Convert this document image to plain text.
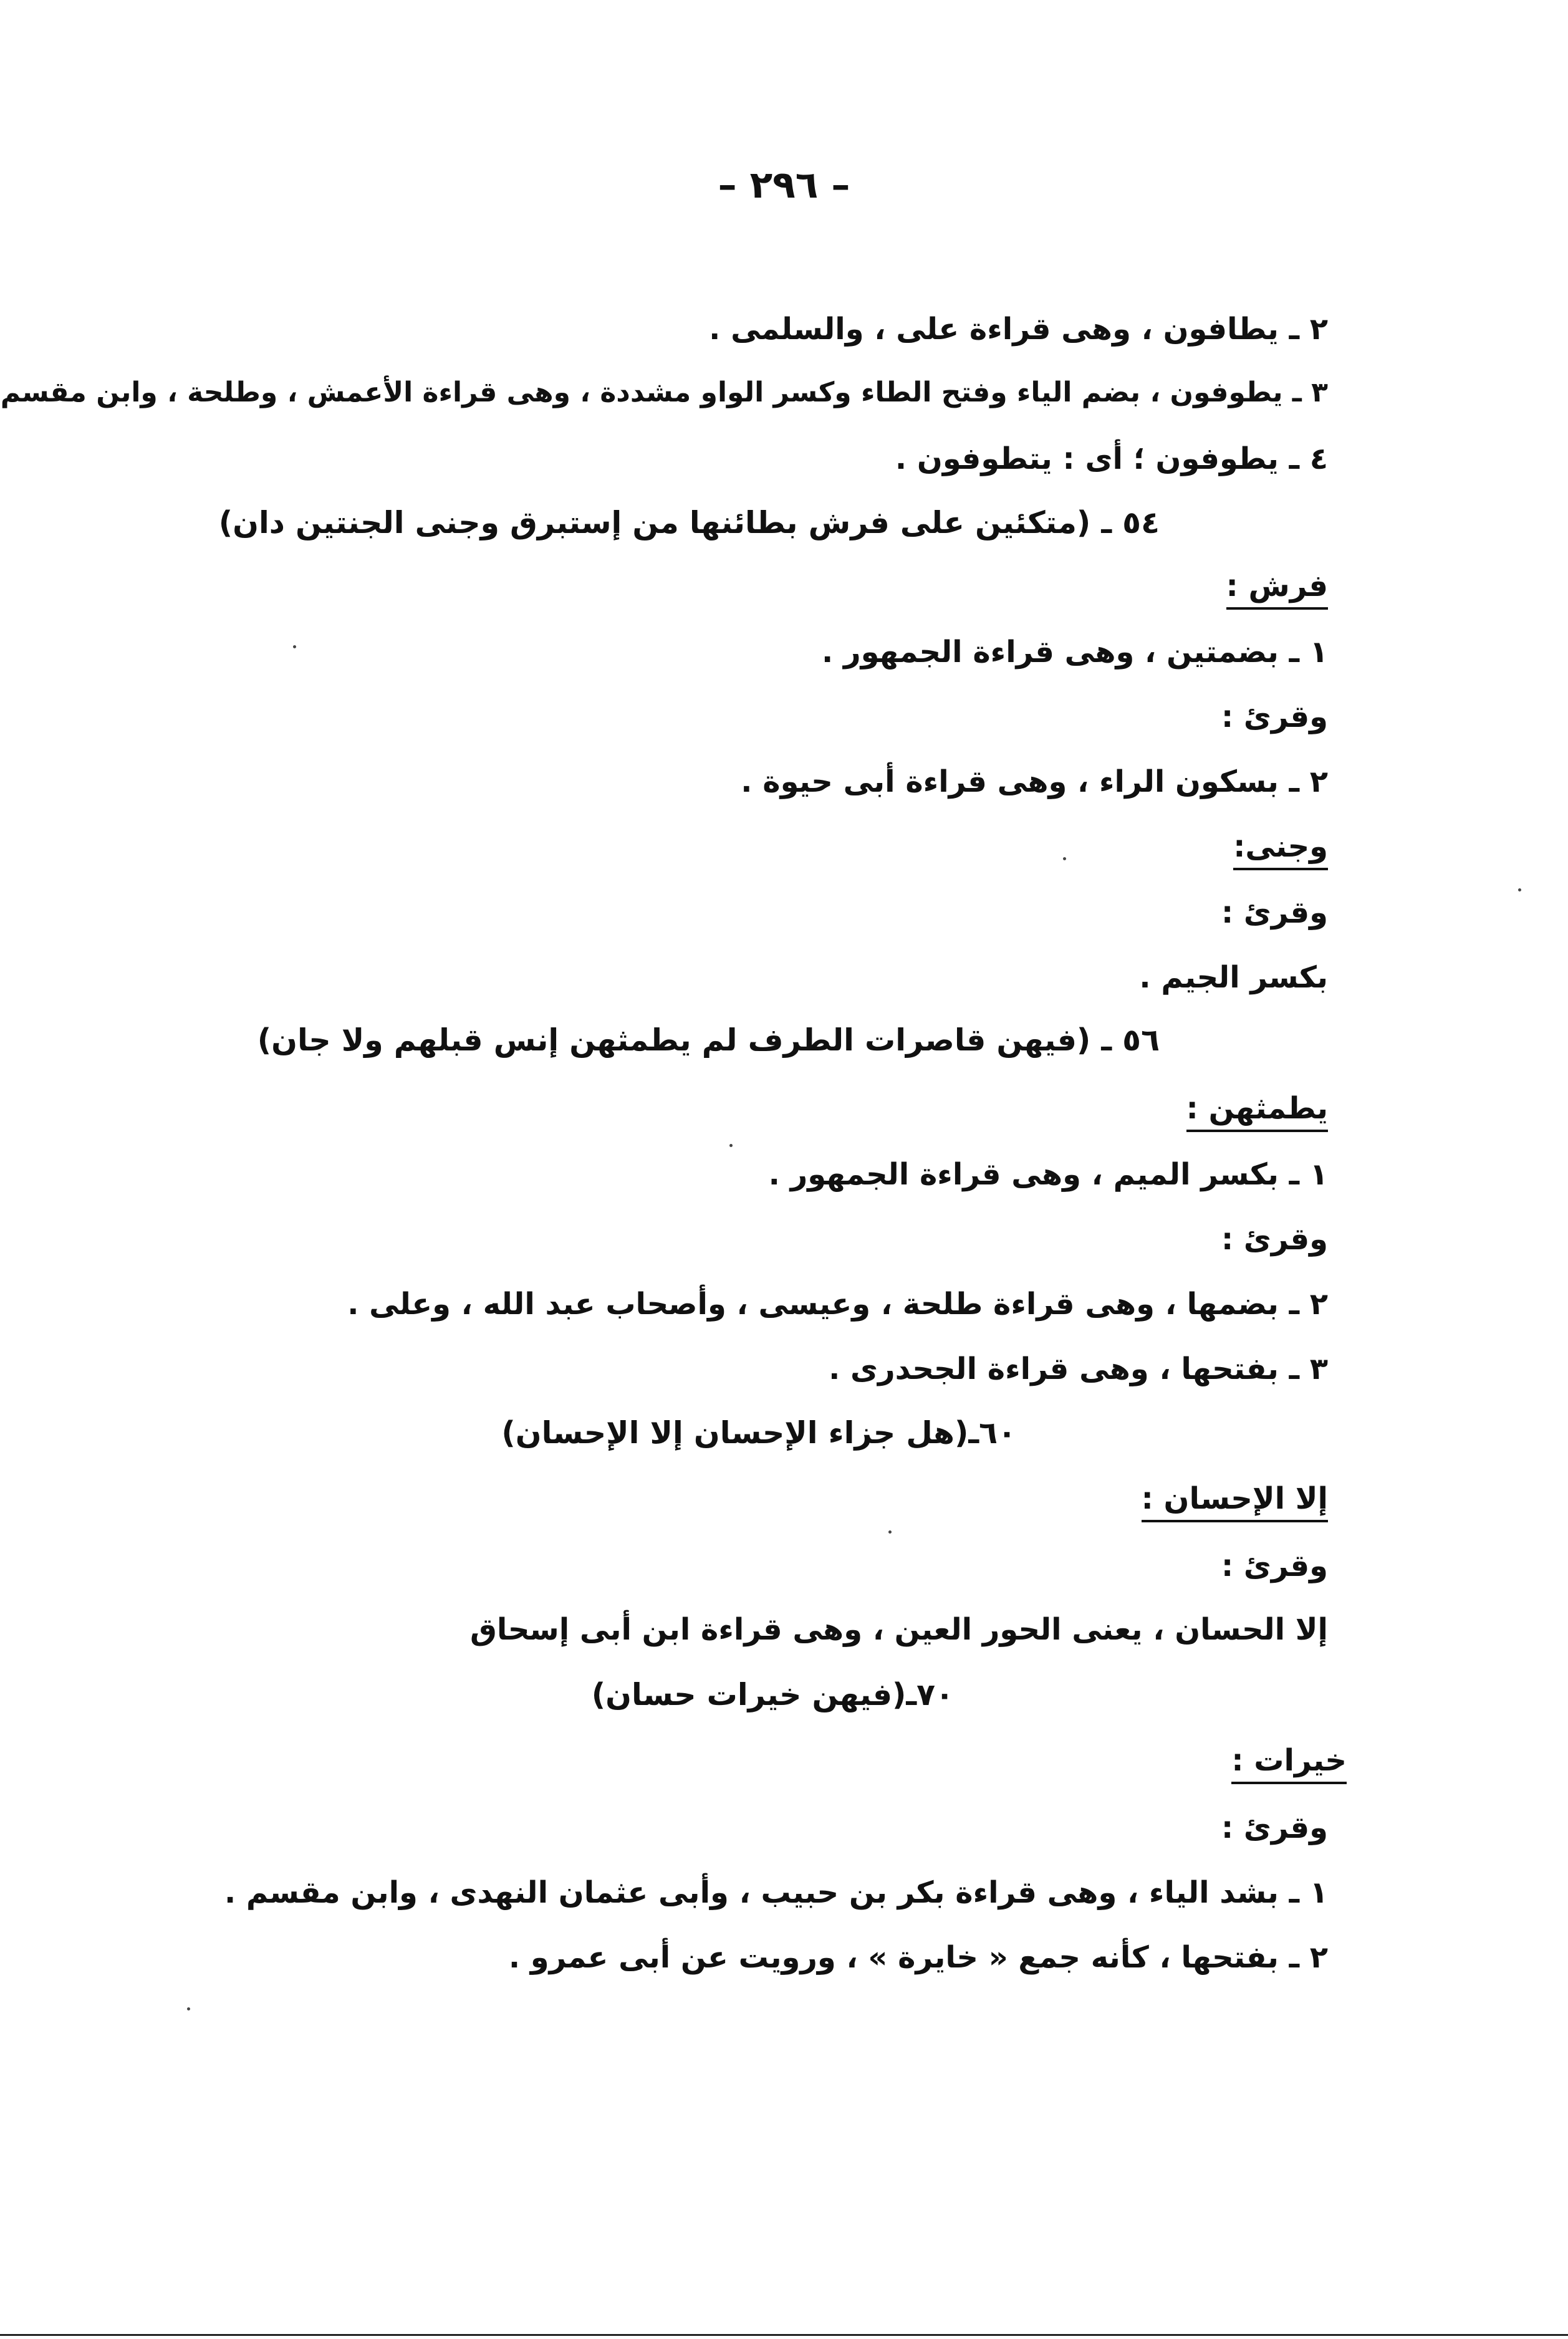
– ٢٩٦ –
٢ ـ يطافون ، وهى قراءة على ، والسلمى .
٣ ـ يطوفون ، بضم الياء وفتح الطاء وكسر الواو مشددة ، وهى قراءة الأعمش ، وطلحة ، وابن مقسم
٤ ـ يطوفون ؛ أى : يتطوفون .
٥٤ ـ (متكئين على فرش بطائنها من إستبرق وجنى الجنتين دان)
فرش :
١ ـ بضمتين ، وهى قراءة الجمهور .
وقرئ :
٢ ـ بسكون الراء ، وهى قراءة أبى حيوة .
وجنى:
وقرئ :
بكسر الجيم .
٥٦ ـ (فيهن قاصرات الطرف لم يطمثهن إنس قبلهم ولا جان)
يطمثهن :
١ ـ بكسر الميم ، وهى قراءة الجمهور .
وقرئ :
٢ ـ بضمها ، وهى قراءة طلحة ، وعيسى ، وأصحاب عبد الله ، وعلى .
٣ ـ بفتحها ، وهى قراءة الجحدرى .
٦٠ـ(هل جزاء الإحسان إلا الإحسان)
إلا الإحسان :
وقرئ :
إلا الحسان ، يعنى الحور العين ، وهى قراءة ابن أبى إسحاق
٧٠ـ(فيهن خيرات حسان)
خيرات :
وقرئ :
١ ـ بشد الياء ، وهى قراءة بكر بن حبيب ، وأبى عثمان النهدى ، وابن مقسم .
٢ ـ بفتحها ، كأنه جمع « خايرة » ، ورويت عن أبى عمرو .
